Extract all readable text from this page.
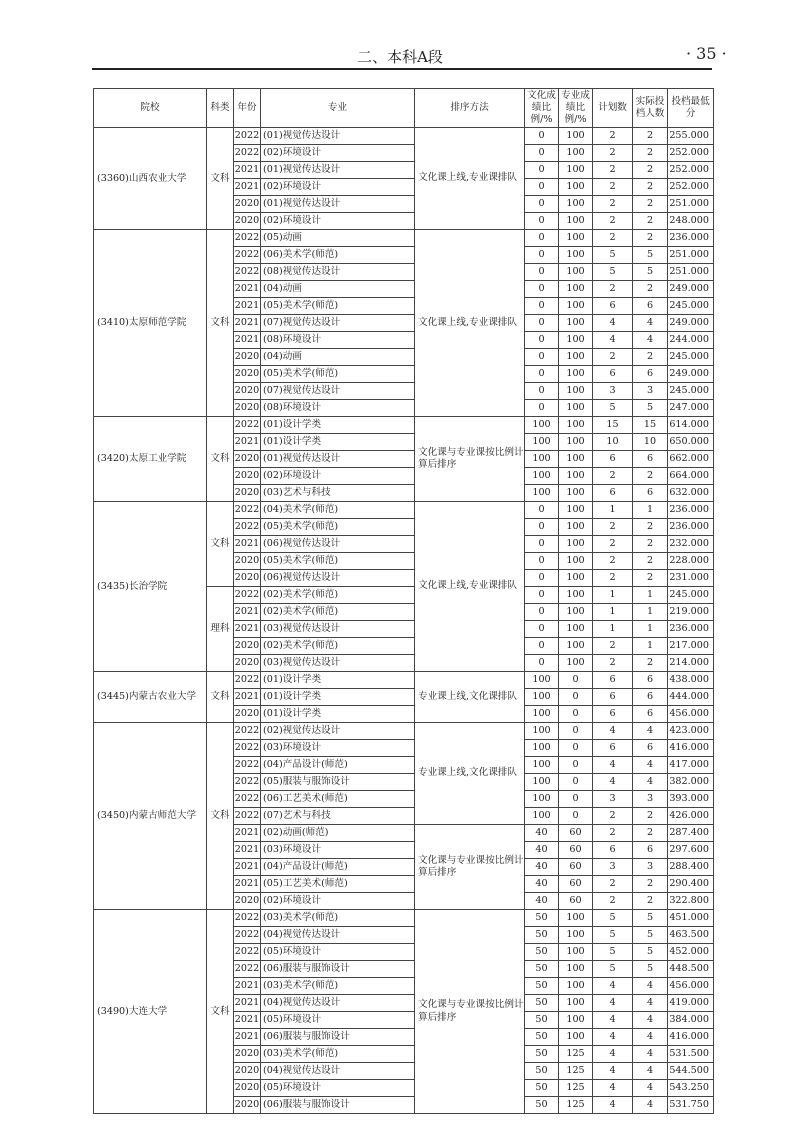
二、本科A段	· 35 ·
院校	科类	年份	专业	排序方法	文化成绩比例/%	专业成绩比例/%	计划数	实际投档人数	投档最低分
(3360)山西农业大学	文科	2022	(01)视觉传达设计	文化课上线,专业课排队	0	100	2	2	255.000
		2022	(02)环境设计		0	100	2	2	252.000
		2021	(01)视觉传达设计		0	100	2	2	252.000
		2021	(02)环境设计		0	100	2	2	252.000
		2020	(01)视觉传达设计		0	100	2	2	251.000
		2020	(02)环境设计		0	100	2	2	248.000
(3410)太原师范学院	文科	2022	(05)动画	文化课上线,专业课排队	0	100	2	2	236.000
		2022	(06)美术学(师范)		0	100	5	5	251.000
		2022	(08)视觉传达设计		0	100	5	5	251.000
		2021	(04)动画		0	100	2	2	249.000
		2021	(05)美术学(师范)		0	100	6	6	245.000
		2021	(07)视觉传达设计		0	100	4	4	249.000
		2021	(08)环境设计		0	100	4	4	244.000
		2020	(04)动画		0	100	2	2	245.000
		2020	(05)美术学(师范)		0	100	6	6	249.000
		2020	(07)视觉传达设计		0	100	3	3	245.000
		2020	(08)环境设计		0	100	5	5	247.000
(3420)太原工业学院	文科	2022	(01)设计学类	文化课与专业课按比例计算后排序	100	100	15	15	614.000
		2021	(01)设计学类		100	100	10	10	650.000
		2020	(01)视觉传达设计		100	100	6	6	662.000
		2020	(02)环境设计		100	100	2	2	664.000
		2020	(03)艺术与科技		100	100	6	6	632.000
(3435)长治学院	文科	2022	(04)美术学(师范)	文化课上线,专业课排队	0	100	1	1	236.000
		2022	(05)美术学(师范)		0	100	2	2	236.000
		2021	(06)视觉传达设计		0	100	2	2	232.000
		2020	(05)美术学(师范)		0	100	2	2	228.000
		2020	(06)视觉传达设计		0	100	2	2	231.000
	理科	2022	(02)美术学(师范)		0	100	1	1	245.000
		2021	(02)美术学(师范)		0	100	1	1	219.000
		2021	(03)视觉传达设计		0	100	1	1	236.000
		2020	(02)美术学(师范)		0	100	2	1	217.000
		2020	(03)视觉传达设计		0	100	2	2	214.000
(3445)内蒙古农业大学	文科	2022	(01)设计学类	专业课上线,文化课排队	100	0	6	6	438.000
		2021	(01)设计学类		100	0	6	6	444.000
		2020	(01)设计学类		100	0	6	6	456.000
(3450)内蒙古师范大学	文科	2022	(02)视觉传达设计	专业课上线,文化课排队	100	0	4	4	423.000
		2022	(03)环境设计		100	0	6	6	416.000
		2022	(04)产品设计(师范)		100	0	4	4	417.000
		2022	(05)服装与服饰设计		100	0	4	4	382.000
		2022	(06)工艺美术(师范)		100	0	3	3	393.000
		2022	(07)艺术与科技		100	0	2	2	426.000
		2021	(02)动画(师范)	文化课与专业课按比例计算后排序	40	60	2	2	287.400
		2021	(03)环境设计		40	60	6	6	297.600
		2021	(04)产品设计(师范)		40	60	3	3	288.400
		2021	(05)工艺美术(师范)		40	60	2	2	290.400
		2020	(02)环境设计		40	60	2	2	322.800
(3490)大连大学	文科	2022	(03)美术学(师范)	文化课与专业课按比例计算后排序	50	100	5	5	451.000
		2022	(04)视觉传达设计		50	100	5	5	463.500
		2022	(05)环境设计		50	100	5	5	452.000
		2022	(06)服装与服饰设计		50	100	5	5	448.500
		2021	(03)美术学(师范)		50	100	4	4	456.000
		2021	(04)视觉传达设计		50	100	4	4	419.000
		2021	(05)环境设计		50	100	4	4	384.000
		2021	(06)服装与服饰设计		50	100	4	4	416.000
		2020	(03)美术学(师范)		50	125	4	4	531.500
		2020	(04)视觉传达设计		50	125	4	4	544.500
		2020	(05)环境设计		50	125	4	4	543.250
		2020	(06)服装与服饰设计		50	125	4	4	531.750
